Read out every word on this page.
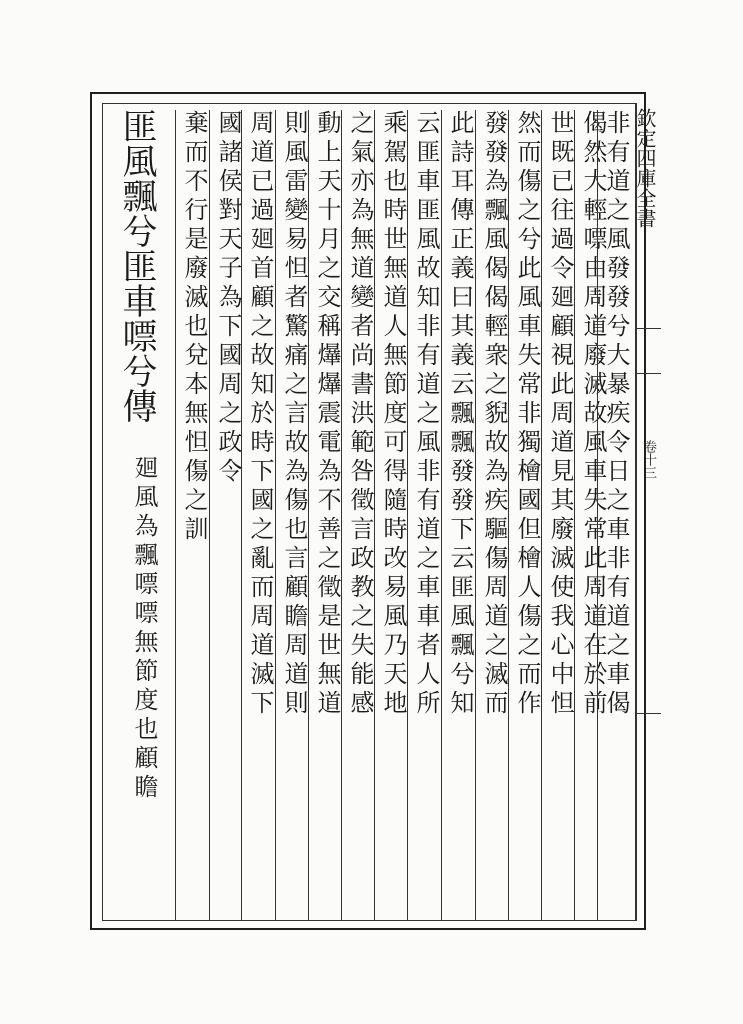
欽定四庫全書
卷十三
匪風飄兮匪車嘌兮傳
廻風為飄嘌嘌無節度也顧瞻
棄而不行是廢滅也兌本無怛傷之訓 國諸侯對天子為下國周之政令 周道已過廻首顧之故知於時下國之亂而周道滅下 則風雷變易怛者驚痛之言故為傷也言顧瞻周道則 動上天十月之交稱爗爗震電為不善之徵是世無道 之氣亦為無道變者尚書洪範咎徵言政教之失能感 乘駕也時世無道人無節度可得隨時改易風乃天地 云匪車匪風故知非有道之風非有道之車車者人所 此詩耳傳正義曰其義云飄飄發發下云匪風飄兮知 發發為飄風偈偈輕衆之貎故為疾驅傷周道之滅而 然而傷之兮此風車失常非獨檜國但檜人傷之而作 世既已往過令廻顧視此周道見其廢滅使我心中怛 偈然大輕嘌由周道廢滅故風車失常此周道在於前
非有道之風發發兮大暴疾令日之車非有道之車偈
